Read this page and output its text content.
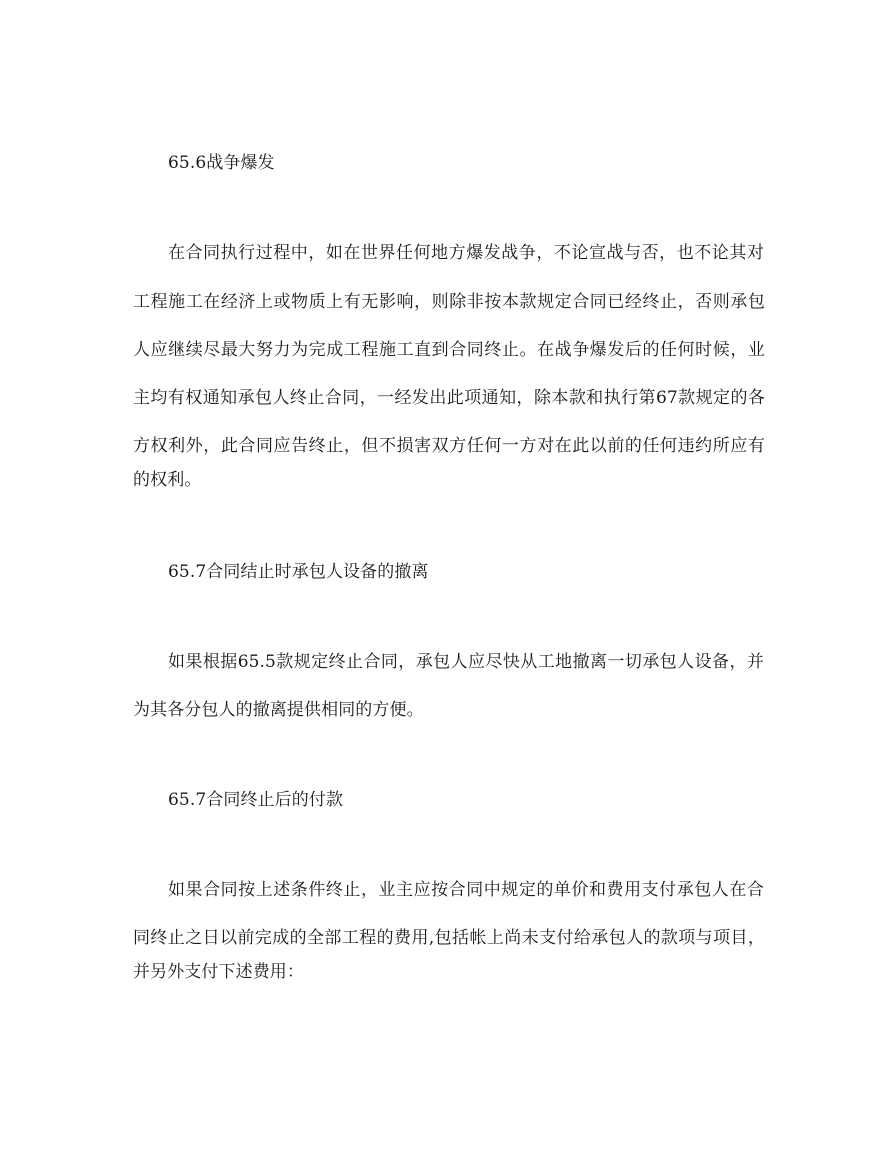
65.6战争爆发
在合同执行过程中，如在世界任何地方爆发战争，不论宣战与否，也不论其对
工程施工在经济上或物质上有无影响，则除非按本款规定合同已经终止，否则承包
人应继续尽最大努力为完成工程施工直到合同终止。在战争爆发后的任何时候，业
主均有权通知承包人终止合同，一经发出此项通知，除本款和执行第67款规定的各
方权利外，此合同应告终止，但不损害双方任何一方对在此以前的任何违约所应有
的权利。
65.7合同结止时承包人设备的撤离
如果根据65.5款规定终止合同，承包人应尽快从工地撤离一切承包人设备，并
为其各分包人的撤离提供相同的方便。
65.7合同终止后的付款
如果合同按上述条件终止，业主应按合同中规定的单价和费用支付承包人在合
同终止之日以前完成的全部工程的费用,包括帐上尚未支付给承包人的款项与项目，
并另外支付下述费用：
